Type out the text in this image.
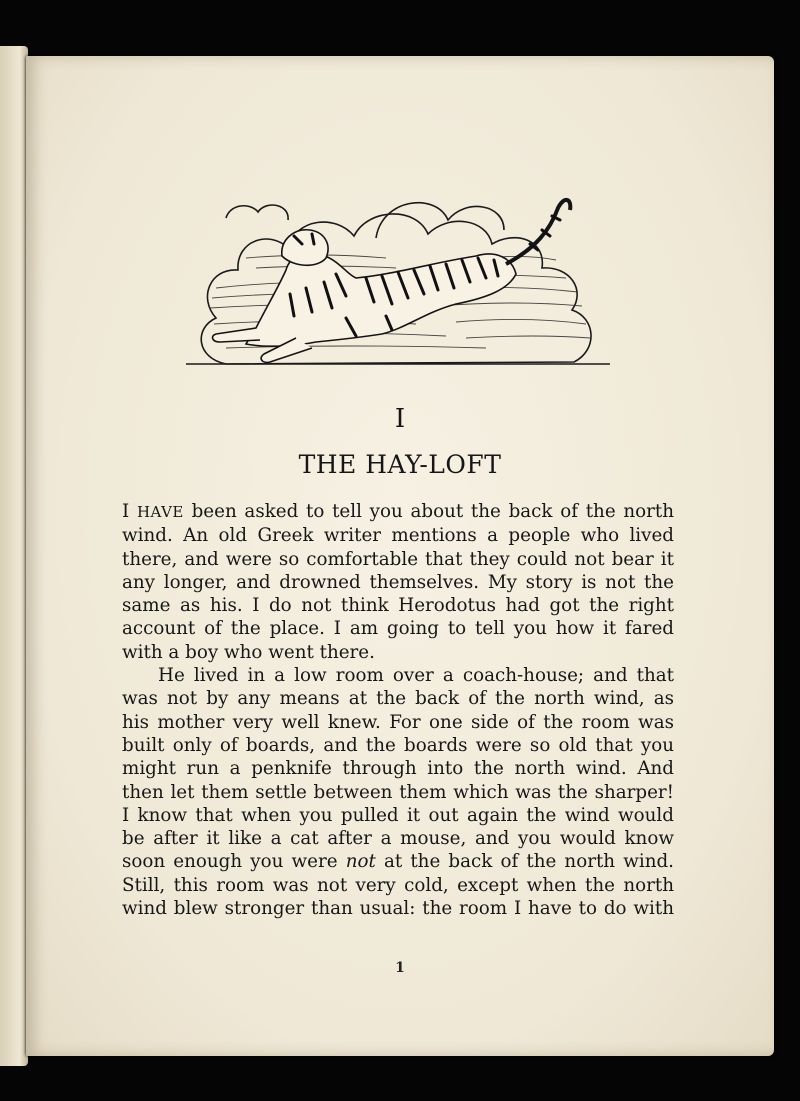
I
THE HAY-LOFT
I HAVE been asked to tell you about the back of the north
wind. An old Greek writer mentions a people who lived
there, and were so comfortable that they could not bear it
any longer, and drowned themselves. My story is not the
same as his. I do not think Herodotus had got the right
account of the place. I am going to tell you how it fared
with a boy who went there.
He lived in a low room over a coach-house; and that
was not by any means at the back of the north wind, as
his mother very well knew. For one side of the room was
built only of boards, and the boards were so old that you
might run a penknife through into the north wind. And
then let them settle between them which was the sharper!
I know that when you pulled it out again the wind would
be after it like a cat after a mouse, and you would know
soon enough you were not at the back of the north wind.
Still, this room was not very cold, except when the north
wind blew stronger than usual: the room I have to do with
1
